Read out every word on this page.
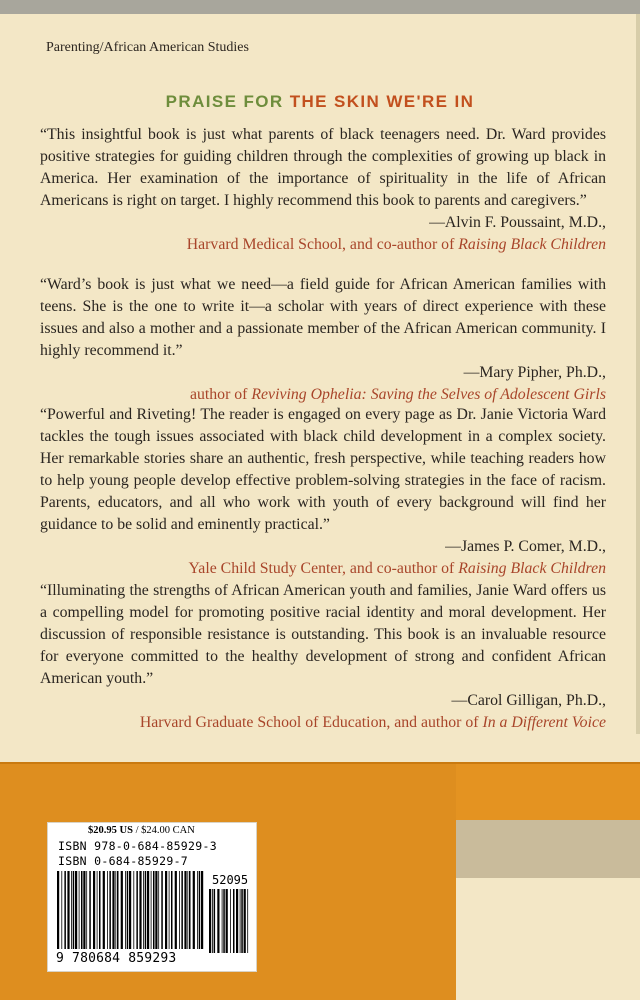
Parenting/African American Studies
PRAISE FOR THE SKIN WE'RE IN

“This insightful book is just what parents of black teenagers need. Dr. Ward provides positive strategies for guiding children through the complexities of growing up black in America. Her examination of the importance of spirituality in the life of African Americans is right on target. I highly recommend this book to parents and caregivers.”

—Alvin F. Poussaint, M.D.,

Harvard Medical School, and co-author of Raising Black Children

“Ward’s book is just what we need—a field guide for African American families with teens. She is the one to write it—a scholar with years of direct experience with these issues and also a mother and a passionate member of the African American community. I highly recommend it.”

—Mary Pipher, Ph.D.,

author of Reviving Ophelia: Saving the Selves of Adolescent Girls

“Powerful and Riveting! The reader is engaged on every page as Dr. Janie Victoria Ward tackles the tough issues associated with black child development in a complex society. Her remarkable stories share an authentic, fresh perspective, while teaching readers how to help young people develop effective problem-solving strategies in the face of racism. Parents, educators, and all who work with youth of every background will find her guidance to be solid and eminently practical.”

—James P. Comer, M.D.,

Yale Child Study Center, and co-author of Raising Black Children

“Illuminating the strengths of African American youth and families, Janie Ward offers us a compelling model for promoting positive racial identity and moral development. Her discussion of responsible resistance is outstanding. This book is an invaluable resource for everyone committed to the healthy development of strong and confident African American youth.”

—Carol Gilligan, Ph.D.,

Harvard Graduate School of Education, and author of In a Different Voice

$20.95 US / $24.00 CAN
ISBN 978-0-684-85929-3
ISBN 0-684-85929-7
52095
9 780684 859293
